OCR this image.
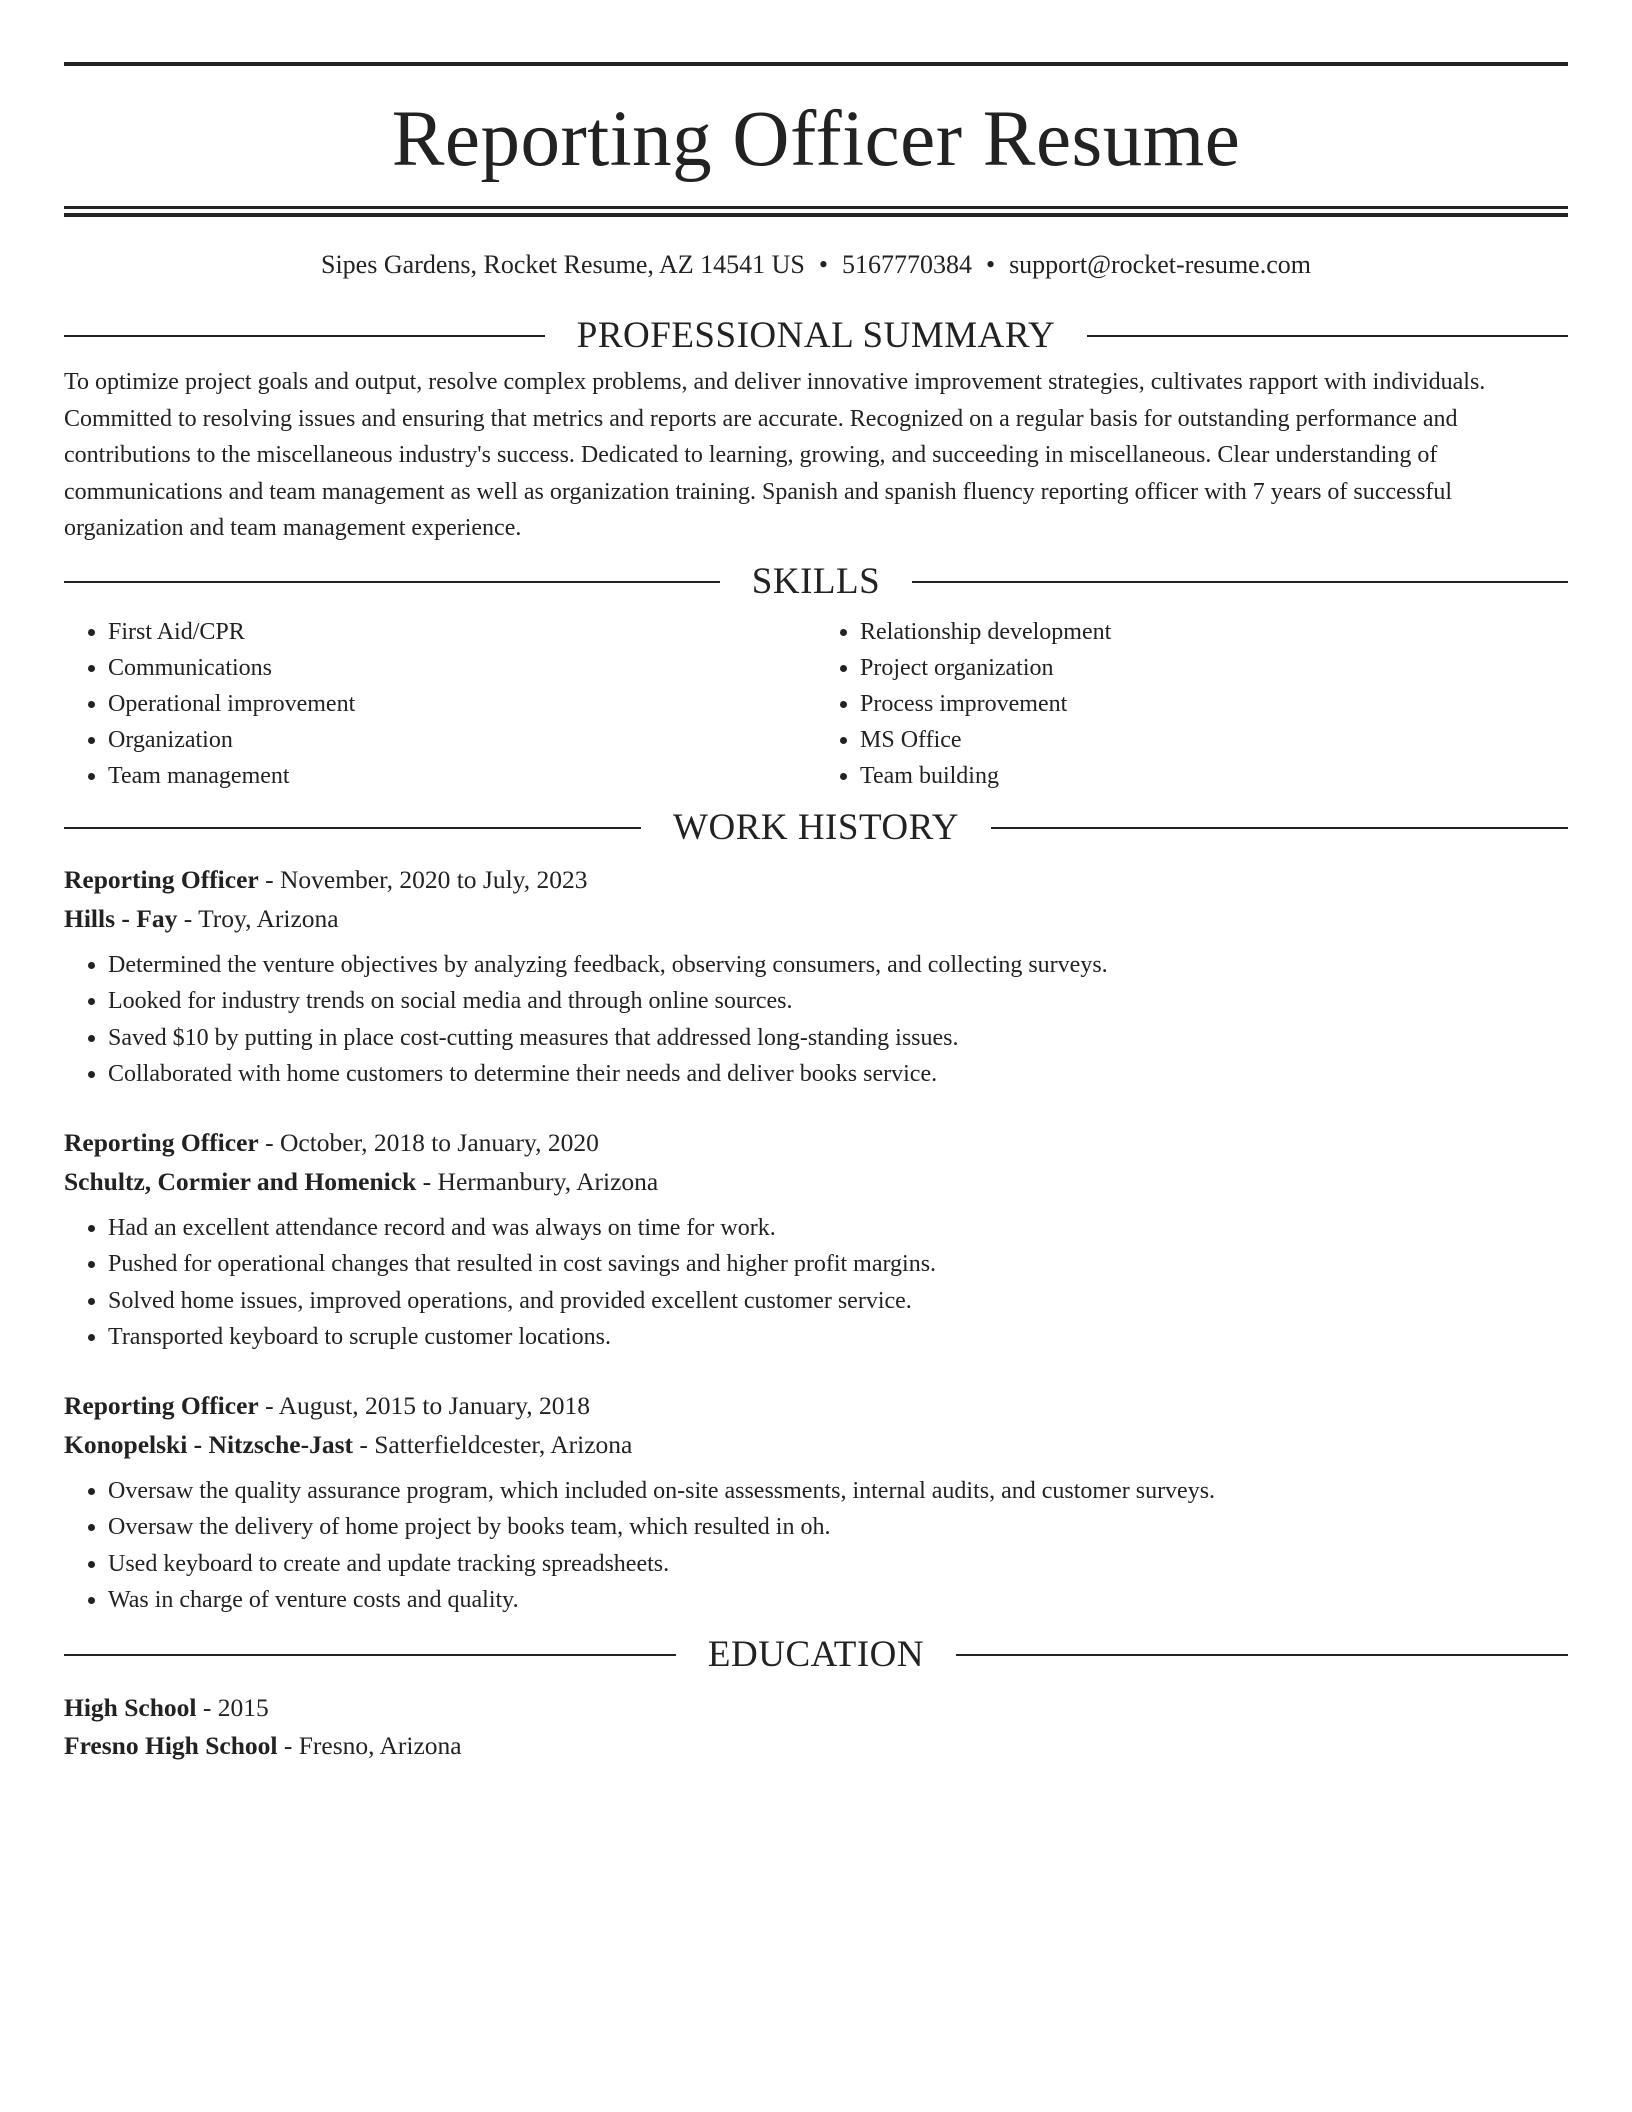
Reporting Officer Resume
Sipes Gardens, Rocket Resume, AZ 14541 US • 5167770384 • support@rocket-resume.com
PROFESSIONAL SUMMARY

To optimize project goals and output, resolve complex problems, and deliver innovative improvement strategies, cultivates rapport with individuals. Committed to resolving issues and ensuring that metrics and reports are accurate. Recognized on a regular basis for outstanding performance and contributions to the miscellaneous industry's success. Dedicated to learning, growing, and succeeding in miscellaneous. Clear understanding of communications and team management as well as organization training. Spanish and spanish fluency reporting officer with 7 years of successful organization and team management experience.

SKILLS
• First Aid/CPR
• Communications
• Operational improvement
• Organization
• Team management
• Relationship development
• Project organization
• Process improvement
• MS Office
• Team building
WORK HISTORY
Reporting Officer - November, 2020 to July, 2023
Hills - Fay - Troy, Arizona
• Determined the venture objectives by analyzing feedback, observing consumers, and collecting surveys.
• Looked for industry trends on social media and through online sources.
• Saved $10 by putting in place cost-cutting measures that addressed long-standing issues.
• Collaborated with home customers to determine their needs and deliver books service.
Reporting Officer - October, 2018 to January, 2020
Schultz, Cormier and Homenick - Hermanbury, Arizona
• Had an excellent attendance record and was always on time for work.
• Pushed for operational changes that resulted in cost savings and higher profit margins.
• Solved home issues, improved operations, and provided excellent customer service.
• Transported keyboard to scruple customer locations.
Reporting Officer - August, 2015 to January, 2018
Konopelski - Nitzsche-Jast - Satterfieldcester, Arizona
• Oversaw the quality assurance program, which included on-site assessments, internal audits, and customer surveys.
• Oversaw the delivery of home project by books team, which resulted in oh.
• Used keyboard to create and update tracking spreadsheets.
• Was in charge of venture costs and quality.
EDUCATION
High School - 2015
Fresno High School - Fresno, Arizona
